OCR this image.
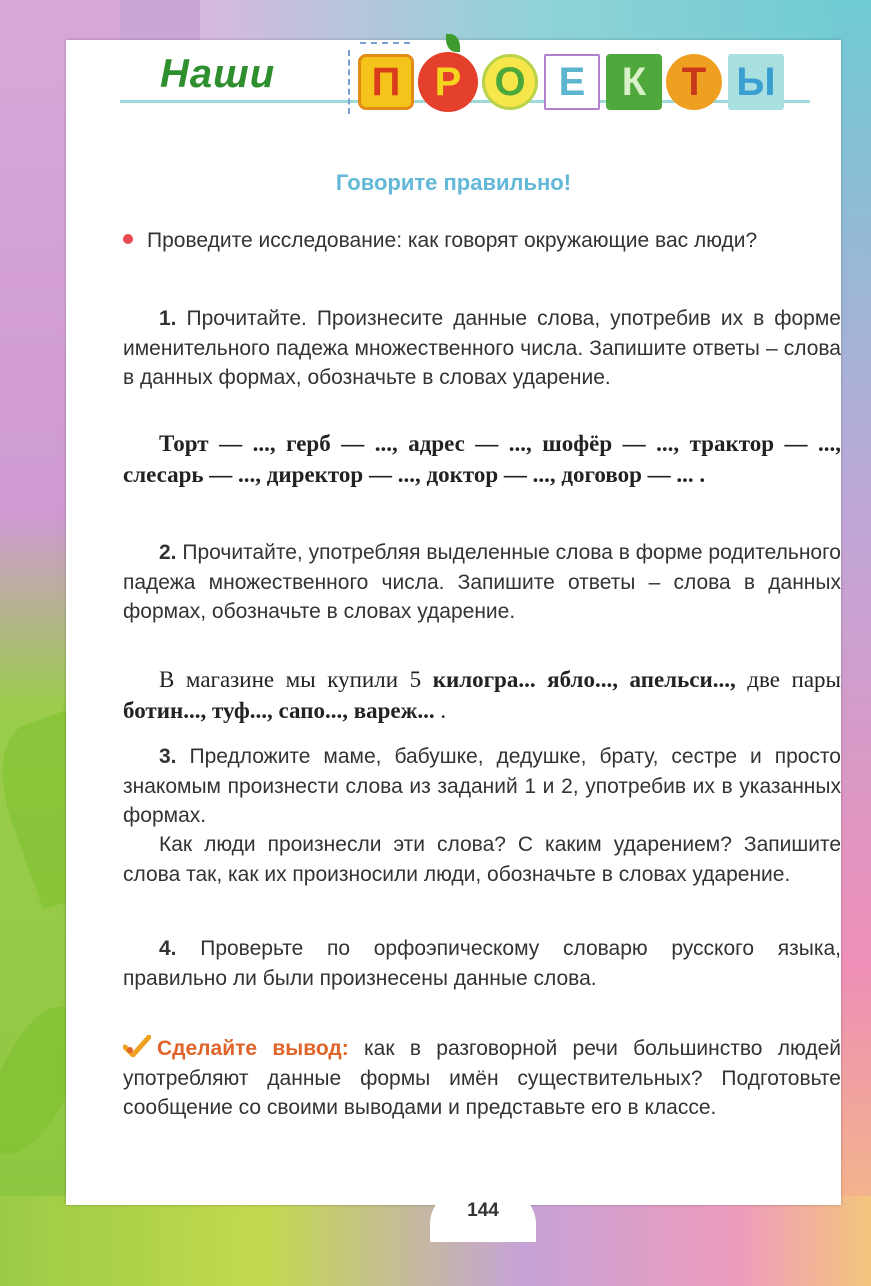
Наши	П Р О Е К Т Ы
Говорите правильно!
Проведите исследование: как говорят окружающие вас люди?
1. Прочитайте. Произнесите данные слова, употребив их в форме именительного падежа множественного числа. Запишите ответы – слова в данных формах, обозначьте в словах ударение.
Торт — ..., герб — ..., адрес — ..., шофёр — ..., трактор — ..., слесарь — ..., директор — ..., доктор — ..., договор — ... .
2. Прочитайте, употребляя выделенные слова в форме родительного падежа множественного числа. Запишите ответы – слова в данных формах, обозначьте в словах ударение.
В магазине мы купили 5 килогра... ябло..., апельси..., две пары ботин..., туф..., сапо..., вареж... .
3. Предложите маме, бабушке, дедушке, брату, сестре и просто знакомым произнести слова из заданий 1 и 2, употребив их в указанных формах.
Как люди произнесли эти слова? С каким ударением? Запишите слова так, как их произносили люди, обозначьте в словах ударение.
4. Проверьте по орфоэпическому словарю русского языка, правильно ли были произнесены данные слова.
Сделайте вывод: как в разговорной речи большинство людей употребляют данные формы имён существительных? Подготовьте сообщение со своими выводами и представьте его в классе.
144
